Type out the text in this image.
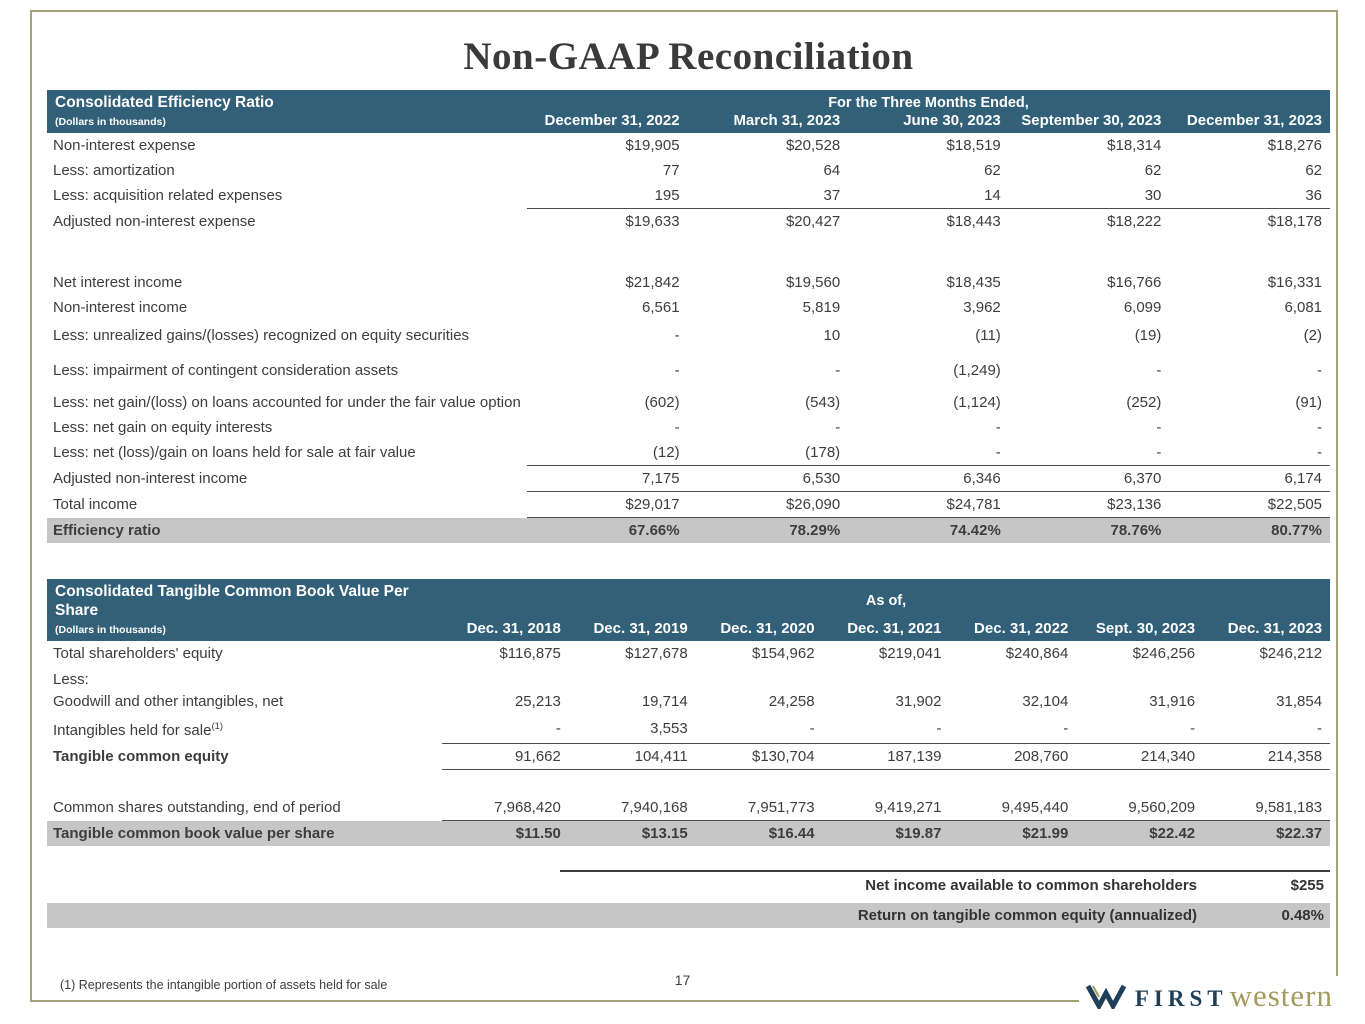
Non-GAAP Reconciliation
Consolidated Efficiency Ratio	For the Three Months Ended,				
(Dollars in thousands)	December 31, 2022	March 31, 2023	June 30, 2023	September 30, 2023	December 31, 2023
Non-interest expense	$19,905	$20,528	$18,519	$18,314	$18,276
Less: amortization	77	64	62	62	62
Less: acquisition related expenses	195	37	14	30	36
Adjusted non-interest expense	$19,633	$20,427	$18,443	$18,222	$18,178

Net interest income	$21,842	$19,560	$18,435	$16,766	$16,331
Non-interest income	6,561	5,819	3,962	6,099	6,081
Less: unrealized gains/(losses) recognized on equity securities	-	10	(11)	(19)	(2)
Less: impairment of contingent consideration assets	-	-	(1,249)	-	-
Less: net gain/(loss) on loans accounted for under the fair value option	(602)	(543)	(1,124)	(252)	(91)
Less: net gain on equity interests	-	-	-	-	-
Less: net (loss)/gain on loans held for sale at fair value	(12)	(178)	-	-	-
Adjusted non-interest income	7,175	6,530	6,346	6,370	6,174
Total income	$29,017	$26,090	$24,781	$23,136	$22,505
Efficiency ratio	67.66%	78.29%	74.42%	78.76%	80.77%
Consolidated Tangible Common Book Value Per Share	As of,						
(Dollars in thousands)	Dec. 31, 2018	Dec. 31, 2019	Dec. 31, 2020	Dec. 31, 2021	Dec. 31, 2022	Sept. 30, 2023	Dec. 31, 2023
Total shareholders' equity	$116,875	$127,678	$154,962	$219,041	$240,864	$246,256	$246,212
Less:							
Goodwill and other intangibles, net	25,213	19,714	24,258	31,902	32,104	31,916	31,854
Intangibles held for sale$^{(1)}$	-	3,553	-	-	-	-	-
Tangible common equity	91,662	104,411	$130,704	187,139	208,760	214,340	214,358

Common shares outstanding, end of period	7,968,420	7,940,168	7,951,773	9,419,271	9,495,440	9,560,209	9,581,183
Tangible common book value per share	$11.50	$13.15	$16.44	$19.87	$21.99	$22.42	$22.37
Net income available to common shareholders	$255
Return on tangible common equity (annualized)	0.48%
(1) Represents the intangible portion of assets held for sale	17
FIRST western
